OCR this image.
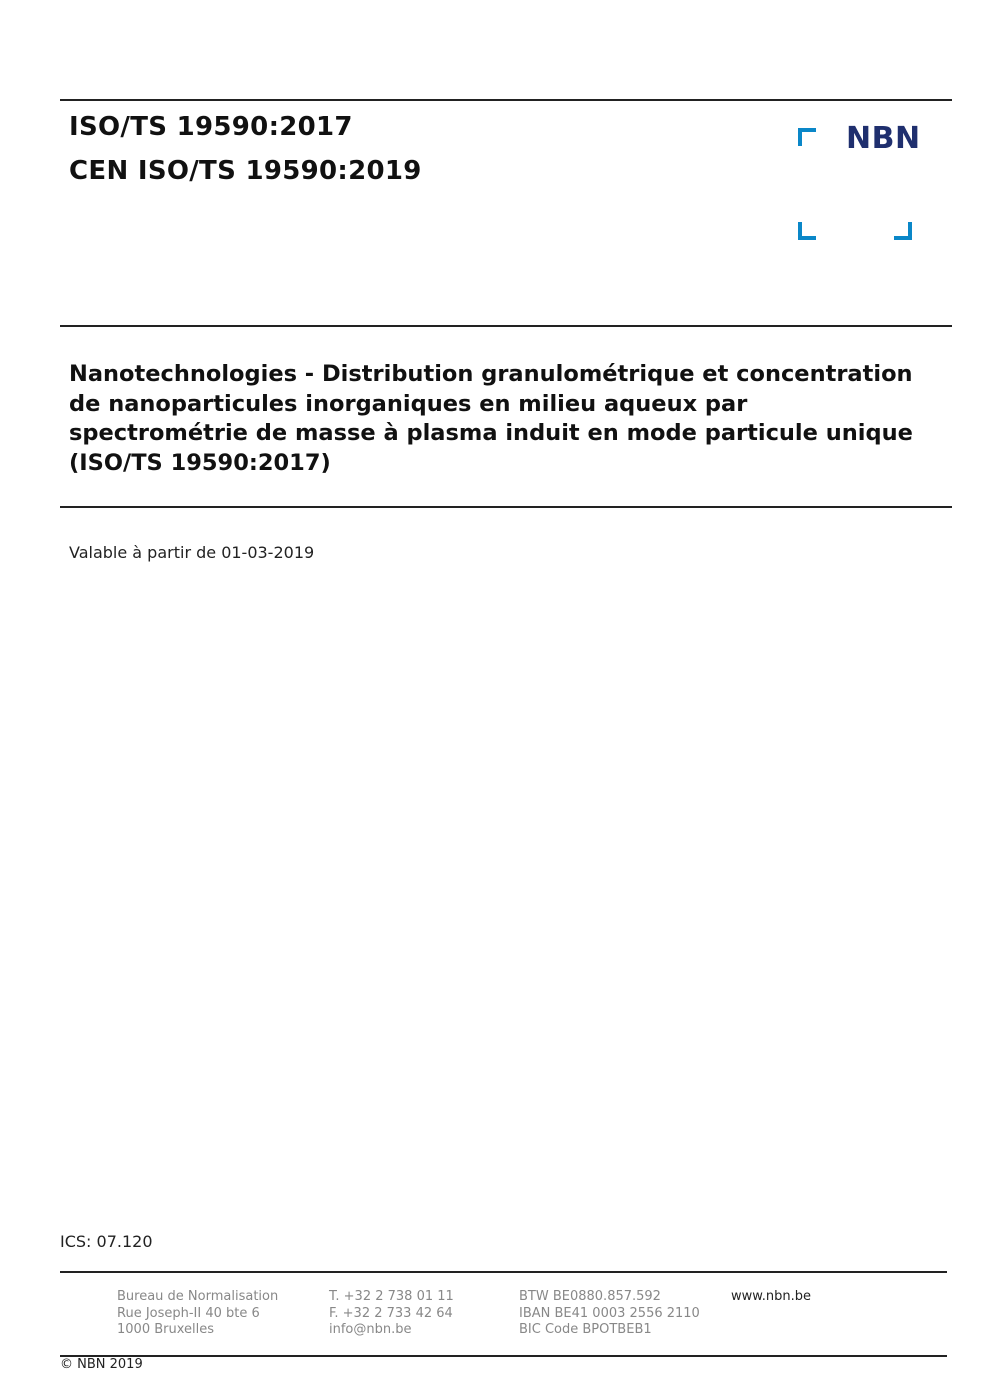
ISO/TS 19590:2017
CEN ISO/TS 19590:2019
NBN
Nanotechnologies - Distribution granulométrique et concentration
de nanoparticules inorganiques en milieu aqueux par
spectrométrie de masse à plasma induit en mode particule unique
(ISO/TS 19590:2017)
Valable à partir de 01-03-2019
ICS: 07.120
Bureau de Normalisation
Rue Joseph-II 40 bte 6
1000 Bruxelles
T. +32 2 738 01 11
F. +32 2 733 42 64
info@nbn.be
BTW BE0880.857.592
IBAN BE41 0003 2556 2110
BIC Code BPOTBEB1
www.nbn.be
© NBN 2019
